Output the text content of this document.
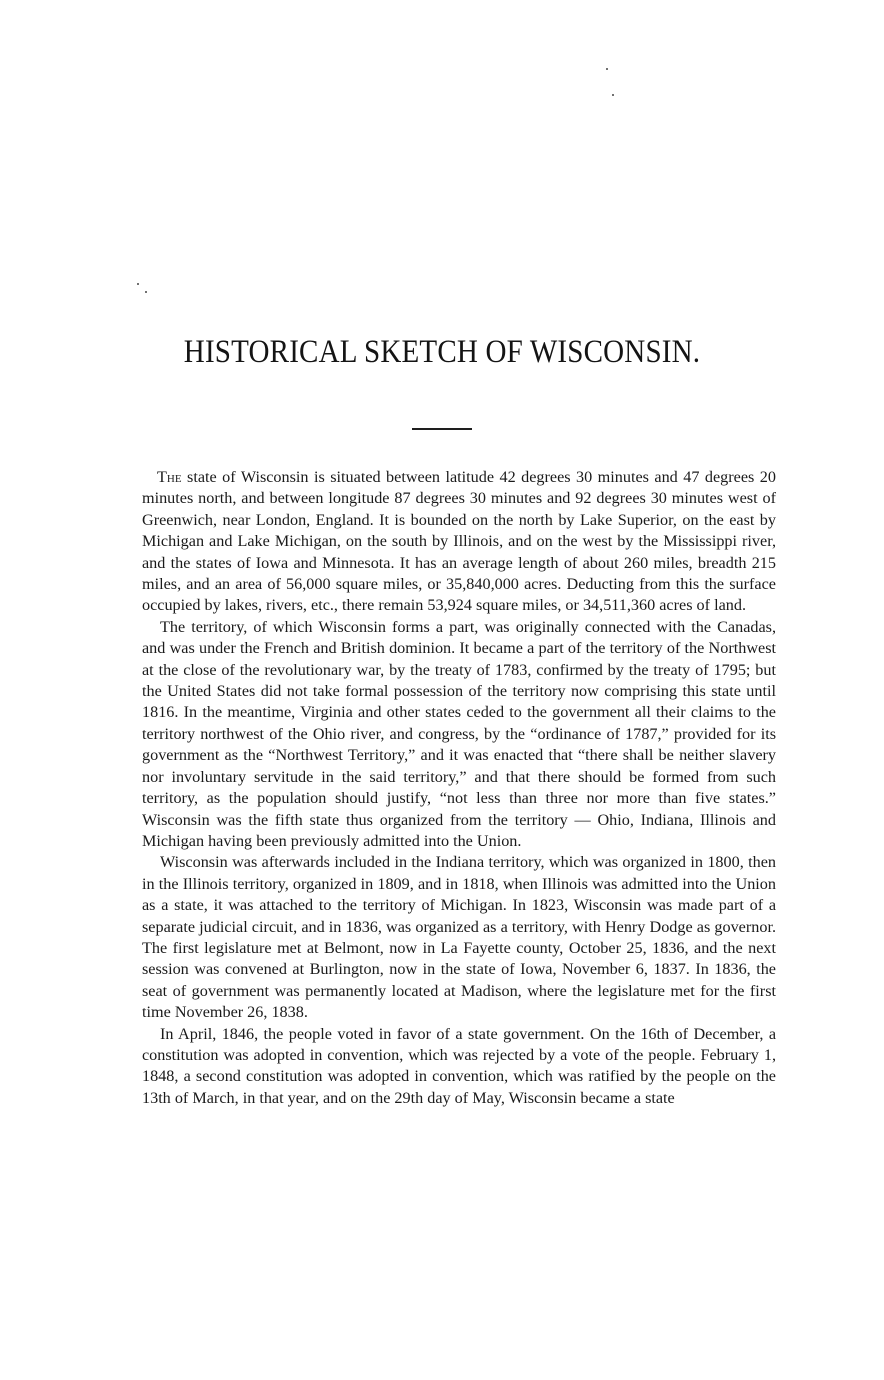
HISTORICAL SKETCH OF WISCONSIN.

The state of Wisconsin is situated between latitude 42 degrees 30 minutes and 47 degrees 20 minutes north, and between longitude 87 degrees 30 minutes and 92 degrees 30 minutes west of Greenwich, near London, England. It is bounded on the north by Lake Superior, on the east by Michigan and Lake Michigan, on the south by Illinois, and on the west by the Mississippi river, and the states of Iowa and Minnesota. It has an average length of about 260 miles, breadth 215 miles, and an area of 56,000 square miles, or 35,840,000 acres. Deducting from this the surface occupied by lakes, rivers, etc., there remain 53,924 square miles, or 34,511,360 acres of land.

The territory, of which Wisconsin forms a part, was originally connected with the Canadas, and was under the French and British dominion. It became a part of the territory of the Northwest at the close of the revolutionary war, by the treaty of 1783, confirmed by the treaty of 1795; but the United States did not take formal possession of the territory now comprising this state until 1816. In the meantime, Virginia and other states ceded to the government all their claims to the territory northwest of the Ohio river, and congress, by the “ordinance of 1787,” provided for its government as the “Northwest Territory,” and it was enacted that “there shall be neither slavery nor involuntary servitude in the said territory,” and that there should be formed from such territory, as the population should justify, “not less than three nor more than five states.” Wisconsin was the fifth state thus organized from the territory — Ohio, Indiana, Illinois and Michigan having been previously admitted into the Union.

Wisconsin was afterwards included in the Indiana territory, which was organized in 1800, then in the Illinois territory, organized in 1809, and in 1818, when Illinois was admitted into the Union as a state, it was attached to the territory of Michigan. In 1823, Wisconsin was made part of a separate judicial circuit, and in 1836, was organized as a territory, with Henry Dodge as governor. The first legislature met at Belmont, now in La Fayette county, October 25, 1836, and the next session was convened at Burlington, now in the state of Iowa, November 6, 1837. In 1836, the seat of government was permanently located at Madison, where the legislature met for the first time November 26, 1838.

In April, 1846, the people voted in favor of a state government. On the 16th of December, a constitution was adopted in convention, which was rejected by a vote of the people. February 1, 1848, a second constitution was adopted in convention, which was ratified by the people on the 13th of March, in that year, and on the 29th day of May, Wisconsin became a state
